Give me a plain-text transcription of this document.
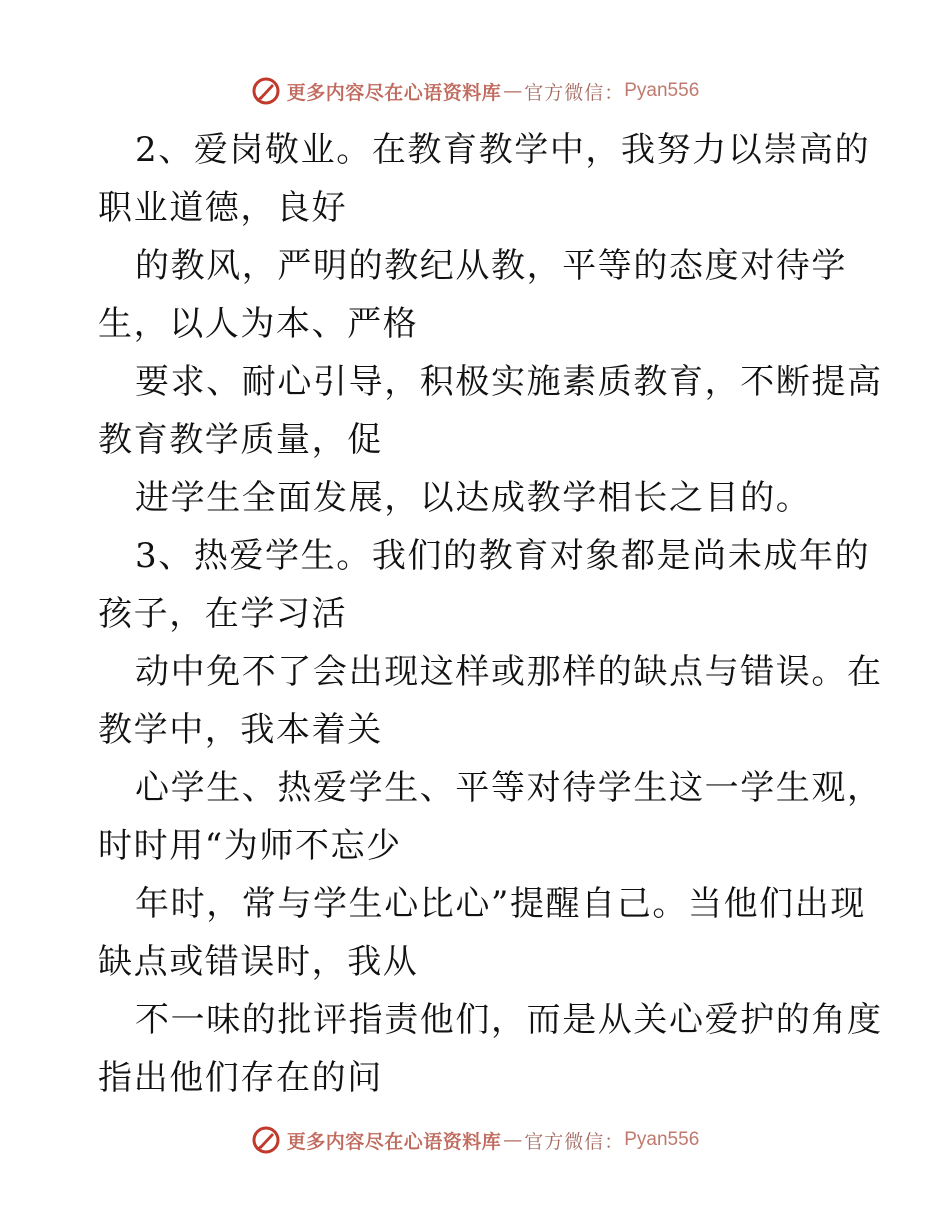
更多内容尽在心语资料库 — 官方微信： Pyan556
2、爱岗敬业。在教育教学中，我努力以崇高的
职业道德，良好
的教风，严明的教纪从教，平等的态度对待学
生，以人为本、严格
要求、耐心引导，积极实施素质教育，不断提高
教育教学质量，促
进学生全面发展，以达成教学相长之目的。
3、热爱学生。我们的教育对象都是尚未成年的
孩子，在学习活
动中免不了会出现这样或那样的缺点与错误。在
教学中，我本着关
心学生、热爱学生、平等对待学生这一学生观，
时时用“为师不忘少
年时，常与学生心比心”提醒自己。当他们出现
缺点或错误时，我从
不一味的批评指责他们，而是从关心爱护的角度
指出他们存在的问
更多内容尽在心语资料库 — 官方微信： Pyan556
